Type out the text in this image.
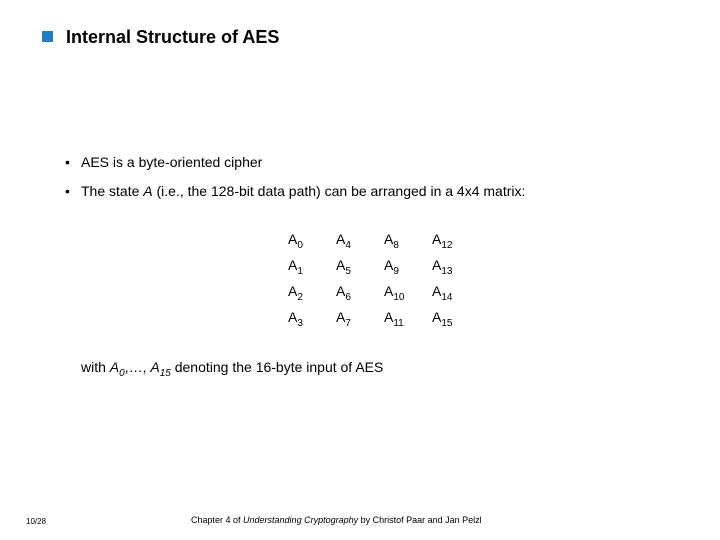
Internal Structure of AES
• AES is a byte-oriented cipher
• The state A (i.e., the 128-bit data path) can be arranged in a 4x4 matrix:
$A_0$	$A_4$	$A_8$	$A_{12}$
$A_1$	$A_5$	$A_9$	$A_{13}$
$A_2$	$A_6$	$A_{10}$	$A_{14}$
$A_3$	$A_7$	$A_{11}$	$A_{15}$
with $A_0,\dots$, $A_{15}$ denoting the 16-byte input of AES
10/28	Chapter 4 of Understanding Cryptography by Christof Paar and Jan Pelzl
